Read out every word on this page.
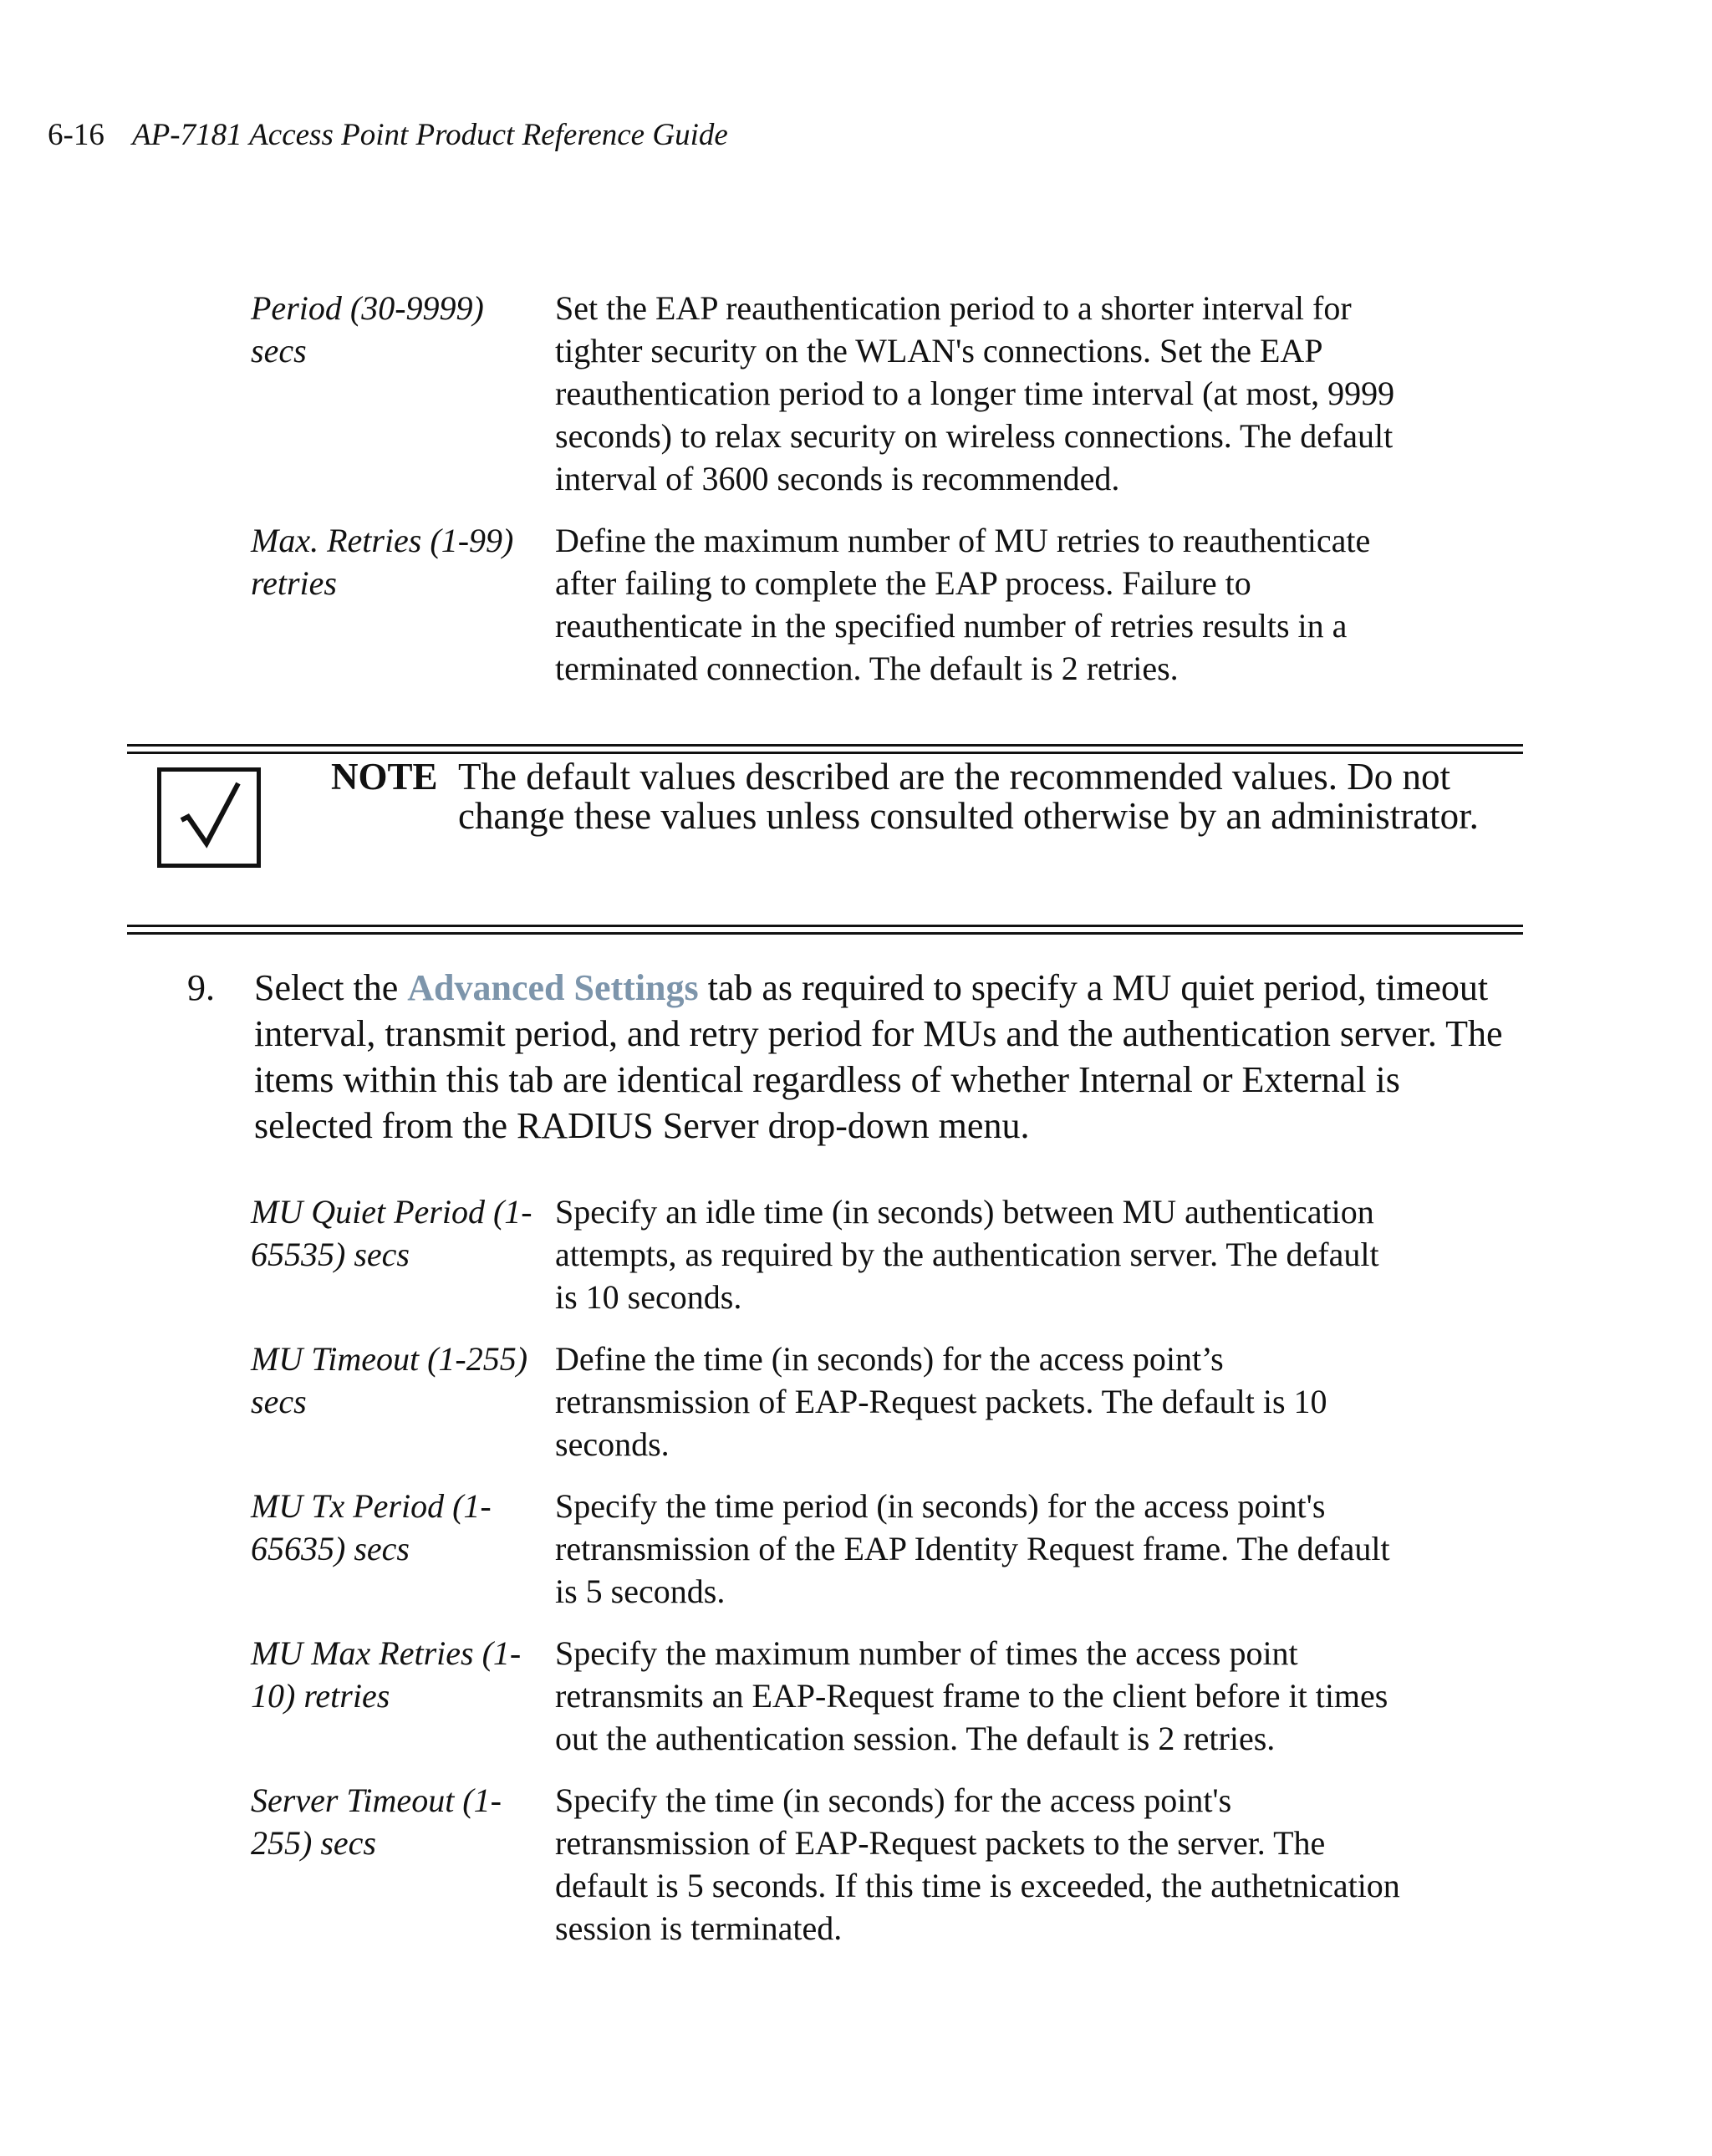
6-16 AP-7181 Access Point Product Reference Guide
Period (30-9999) secs
Set the EAP reauthentication period to a shorter interval for tighter security on the WLAN's connections. Set the EAP reauthentication period to a longer time interval (at most, 9999 seconds) to relax security on wireless connections. The default interval of 3600 seconds is recommended.
Max. Retries (1-99) retries
Define the maximum number of MU retries to reauthenticate after failing to complete the EAP process. Failure to reauthenticate in the specified number of retries results in a terminated connection. The default is 2 retries.
NOTE The default values described are the recommended values. Do not change these values unless consulted otherwise by an administrator.
9. Select the Advanced Settings tab as required to specify a MU quiet period, timeout interval, transmit period, and retry period for MUs and the authentication server. The items within this tab are identical regardless of whether Internal or External is selected from the RADIUS Server drop-down menu.
MU Quiet Period (1-65535) secs
Specify an idle time (in seconds) between MU authentication attempts, as required by the authentication server. The default is 10 seconds.
MU Timeout (1-255) secs
Define the time (in seconds) for the access point’s retransmission of EAP-Request packets. The default is 10 seconds.
MU Tx Period (1-65635) secs
Specify the time period (in seconds) for the access point's retransmission of the EAP Identity Request frame. The default is 5 seconds.
MU Max Retries (1-10) retries
Specify the maximum number of times the access point retransmits an EAP-Request frame to the client before it times out the authentication session. The default is 2 retries.
Server Timeout (1-255) secs
Specify the time (in seconds) for the access point's retransmission of EAP-Request packets to the server. The default is 5 seconds. If this time is exceeded, the authetnication session is terminated.
